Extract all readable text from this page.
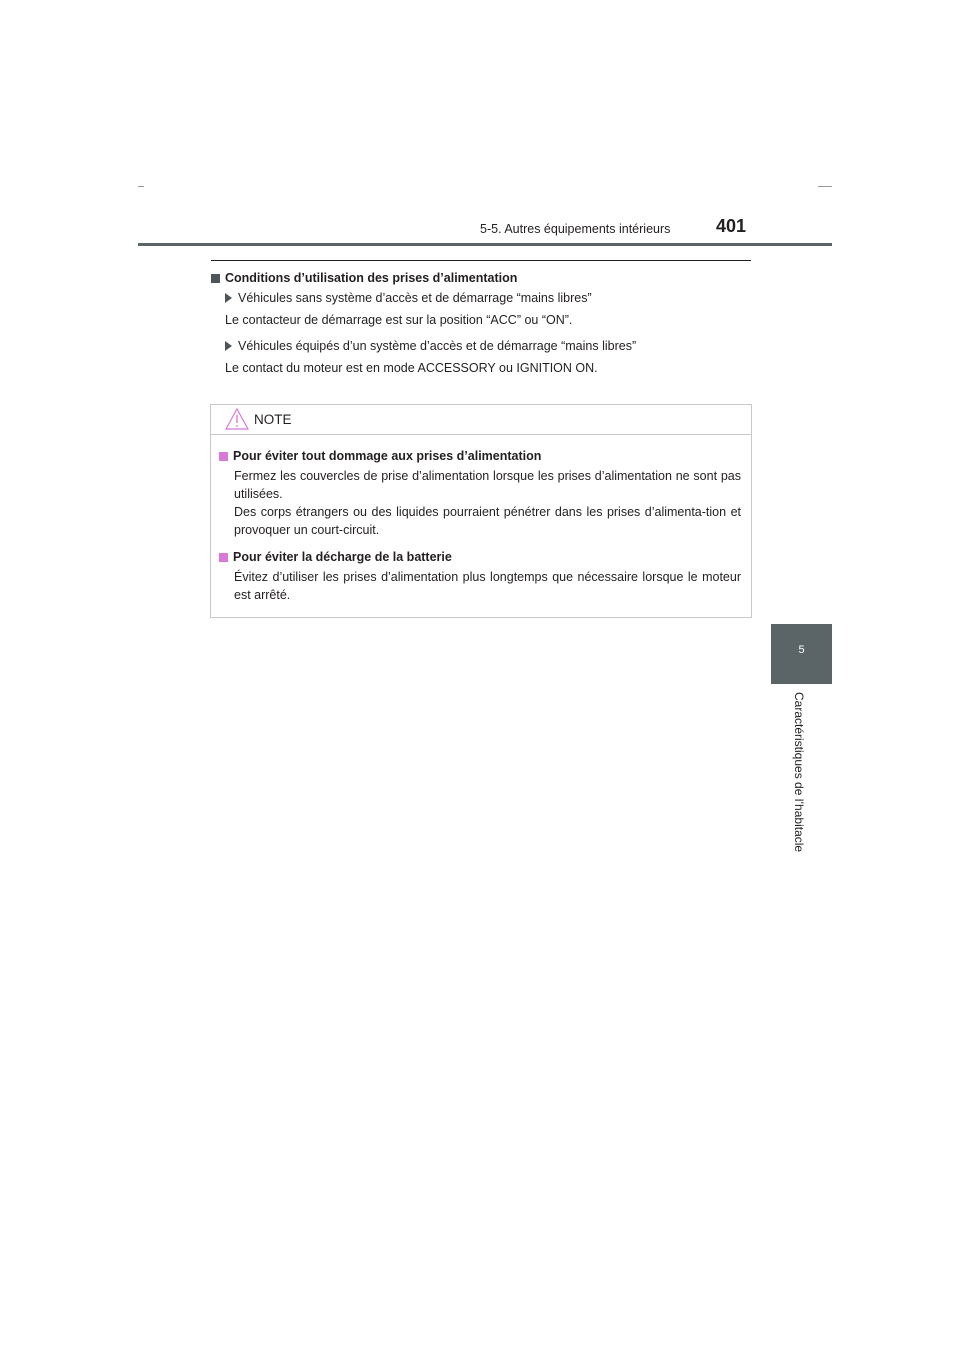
5-5. Autres équipements intérieurs	401
5
Caractéristiques de l’habitacle
Conditions d’utilisation des prises d’alimentation
Véhicules sans système d’accès et de démarrage “mains libres”
Le contacteur de démarrage est sur la position “ACC” ou “ON”.
Véhicules équipés d’un système d’accès et de démarrage “mains libres”
Le contact du moteur est en mode ACCESSORY ou IGNITION ON.
NOTE
Pour éviter tout dommage aux prises d’alimentation
Fermez les couvercles de prise d’alimentation lorsque les prises d’alimentation ne sont pas utilisées.
Des corps étrangers ou des liquides pourraient pénétrer dans les prises d’alimenta-tion et provoquer un court-circuit.
Pour éviter la décharge de la batterie
Évitez d’utiliser les prises d’alimentation plus longtemps que nécessaire lorsque le moteur est arrêté.
